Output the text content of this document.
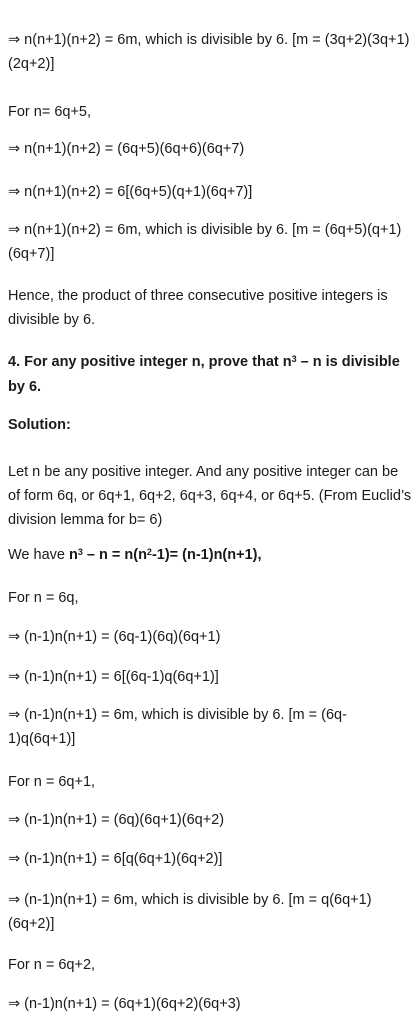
⇒ n(n+1)(n+2) = 6m, which is divisible by 6. [m = (3q+2)(3q+1)(2q+2)]

For n= 6q+5,

⇒ n(n+1)(n+2) = (6q+5)(6q+6)(6q+7)

⇒ n(n+1)(n+2) = 6[(6q+5)(q+1)(6q+7)]

⇒ n(n+1)(n+2) = 6m, which is divisible by 6. [m = (6q+5)(q+1)(6q+7)]

Hence, the product of three consecutive positive integers is divisible by 6.

4. For any positive integer n, prove that $n^3$ – n is divisible by 6.

Solution:

Let n be any positive integer. And any positive integer can be of form 6q, or 6q+1, 6q+2, 6q+3, 6q+4, or 6q+5. (From Euclid’s division lemma for b= 6)

We have $n^3 - n = n(n^2-1)= (n-1)n(n+1)$,

For n = 6q,

⇒ (n-1)n(n+1) = (6q-1)(6q)(6q+1)

⇒ (n-1)n(n+1) = 6[(6q-1)q(6q+1)]

⇒ (n-1)n(n+1) = 6m, which is divisible by 6. [m = (6q-1)q(6q+1)]

For n = 6q+1,

⇒ (n-1)n(n+1) = (6q)(6q+1)(6q+2)

⇒ (n-1)n(n+1) = 6[q(6q+1)(6q+2)]

⇒ (n-1)n(n+1) = 6m, which is divisible by 6. [m = q(6q+1)(6q+2)]

For n = 6q+2,

⇒ (n-1)n(n+1) = (6q+1)(6q+2)(6q+3)
